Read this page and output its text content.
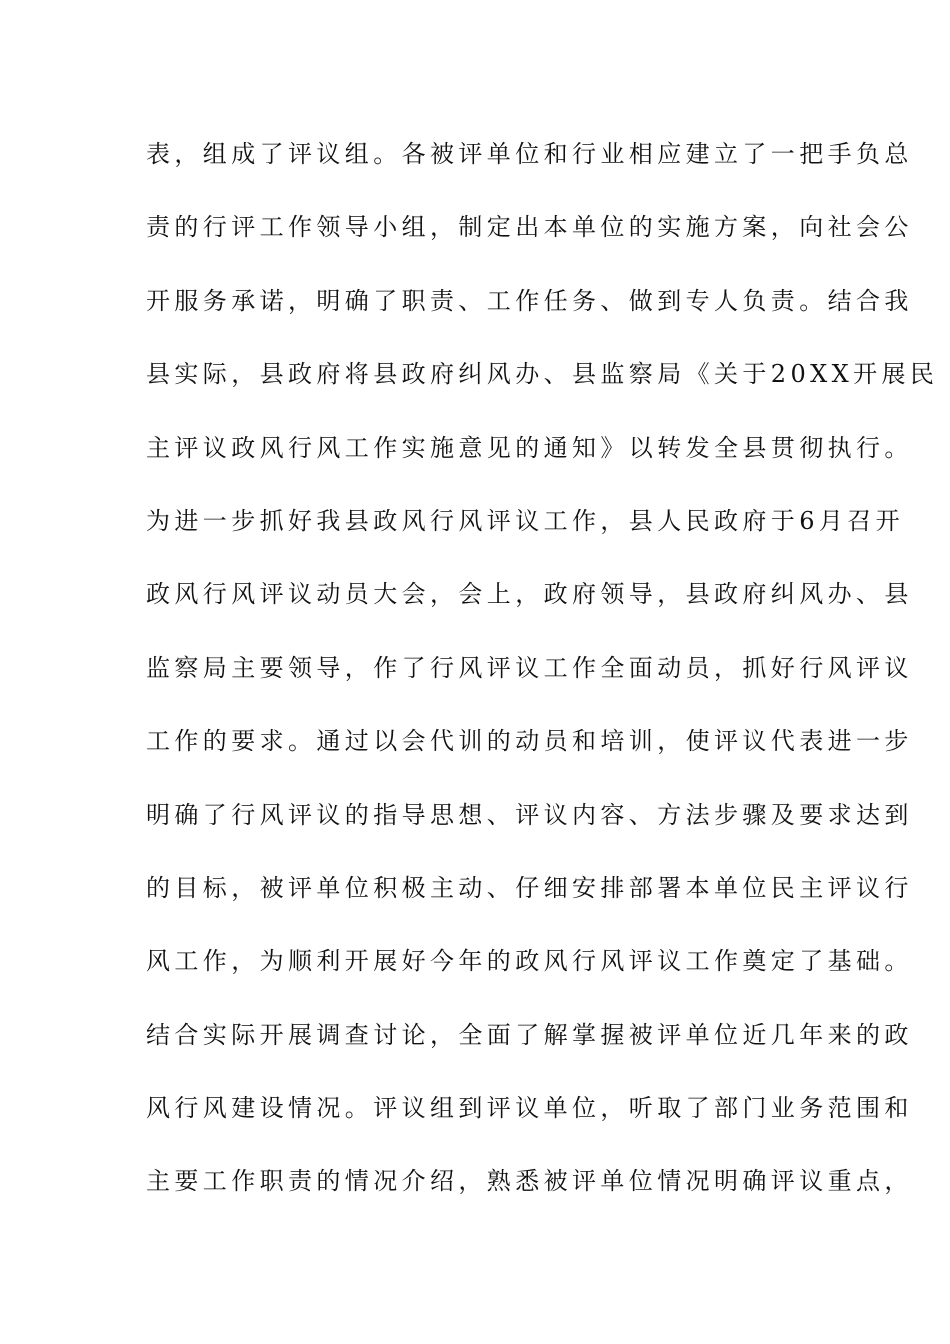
表，组成了评议组。各被评单位和行业相应建立了一把手负总
责的行评工作领导小组，制定出本单位的实施方案，向社会公
开服务承诺，明确了职责、工作任务、做到专人负责。结合我
县实际，县政府将县政府纠风办、县监察局《关于20XX开展民
主评议政风行风工作实施意见的通知》以转发全县贯彻执行。
为进一步抓好我县政风行风评议工作，县人民政府于6月召开
政风行风评议动员大会，会上，政府领导，县政府纠风办、县
监察局主要领导，作了行风评议工作全面动员，抓好行风评议
工作的要求。通过以会代训的动员和培训，使评议代表进一步
明确了行风评议的指导思想、评议内容、方法步骤及要求达到
的目标，被评单位积极主动、仔细安排部署本单位民主评议行
风工作，为顺利开展好今年的政风行风评议工作奠定了基础。
结合实际开展调查讨论，全面了解掌握被评单位近几年来的政
风行风建设情况。评议组到评议单位，听取了部门业务范围和
主要工作职责的情况介绍，熟悉被评单位情况明确评议重点，
